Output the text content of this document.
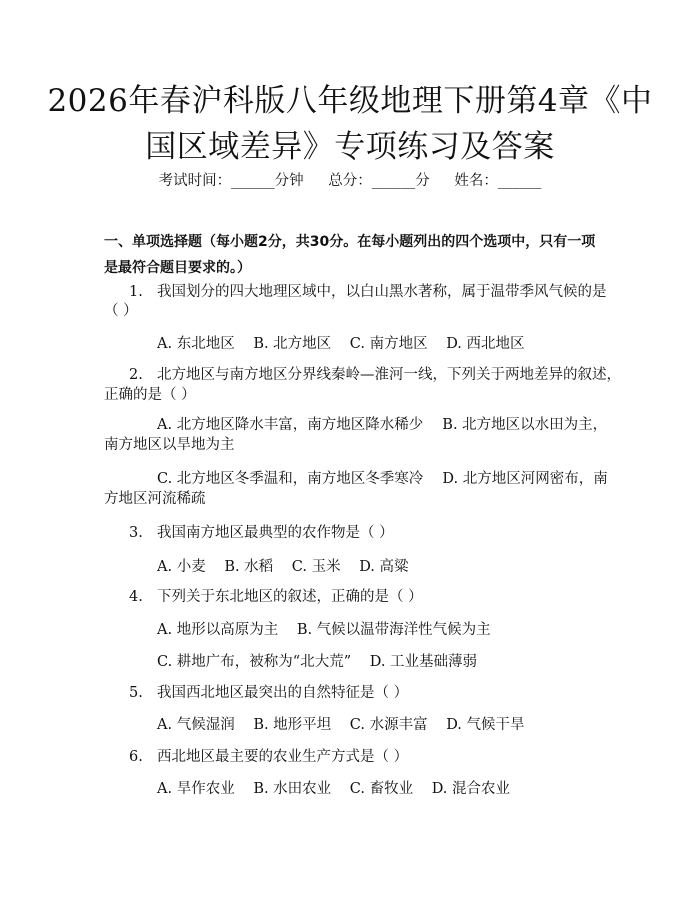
2026年春沪科版八年级地理下册第4章《中
国区域差异》专项练习及答案
考试时间：______分钟 总分：______分 姓名：______
一、单项选择题（每小题2分，共30分。在每小题列出的四个选项中，只有一项
是最符合题目要求的。）
1. 我国划分的四大地理区域中，以白山黑水著称，属于温带季风气候的是
（ ）
A. 东北地区 B. 北方地区 C. 南方地区 D. 西北地区
2. 北方地区与南方地区分界线秦岭—淮河一线，下列关于两地差异的叙述，
正确的是（ ）
A. 北方地区降水丰富，南方地区降水稀少　 B. 北方地区以水田为主，
南方地区以旱地为主
C. 北方地区冬季温和，南方地区冬季寒冷　 D. 北方地区河网密布，南
方地区河流稀疏
3. 我国南方地区最典型的农作物是（ ）
A. 小麦 B. 水稻 C. 玉米 D. 高粱
4. 下列关于东北地区的叙述，正确的是（ ）
A. 地形以高原为主 B. 气候以温带海洋性气候为主
C. 耕地广布，被称为“北大荒” D. 工业基础薄弱
5. 我国西北地区最突出的自然特征是（ ）
A. 气候湿润 B. 地形平坦 C. 水源丰富 D. 气候干旱
6. 西北地区最主要的农业生产方式是（ ）
A. 旱作农业 B. 水田农业 C. 畜牧业 D. 混合农业
